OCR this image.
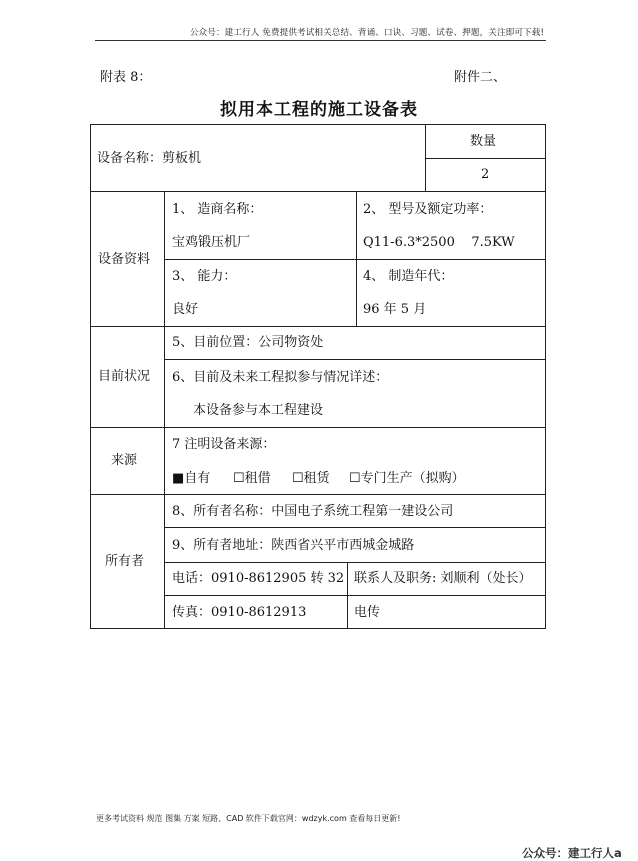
公众号：建工行人 免费提供考试相关总结、背诵、口诀、习题、试卷、押题，关注即可下载!
附表 8：	附件二、
拟用本工程的施工设备表
设备名称：剪板机
数量
2
设备资料
目前状况
来源
所有者
1、 造商名称：
宝鸡锻压机厂
2、 型号及额定功率：
Q11-6.3*2500    7.5KW
3、 能力：
良好
4、 制造年代：
96 年 5 月
5、目前位置：公司物资处
6、目前及未来工程拟参与情况详述：
本设备参与本工程建设
7 注明设备来源：
■自有 ☐租借 ☐租赁 ☐专门生产（拟购）
8、所有者名称：中国电子系统工程第一建设公司
9、所有者地址：陕西省兴平市西城金城路
电话：0910-8612905 转 32 联系人及职务: 刘顺利（处长）
传真：0910-8612913	电传
更多考试资料 规范 图集 方案 短路、CAD 软件下载官网：wdzyk.com 查看每日更新!
公众号：建工行人a
